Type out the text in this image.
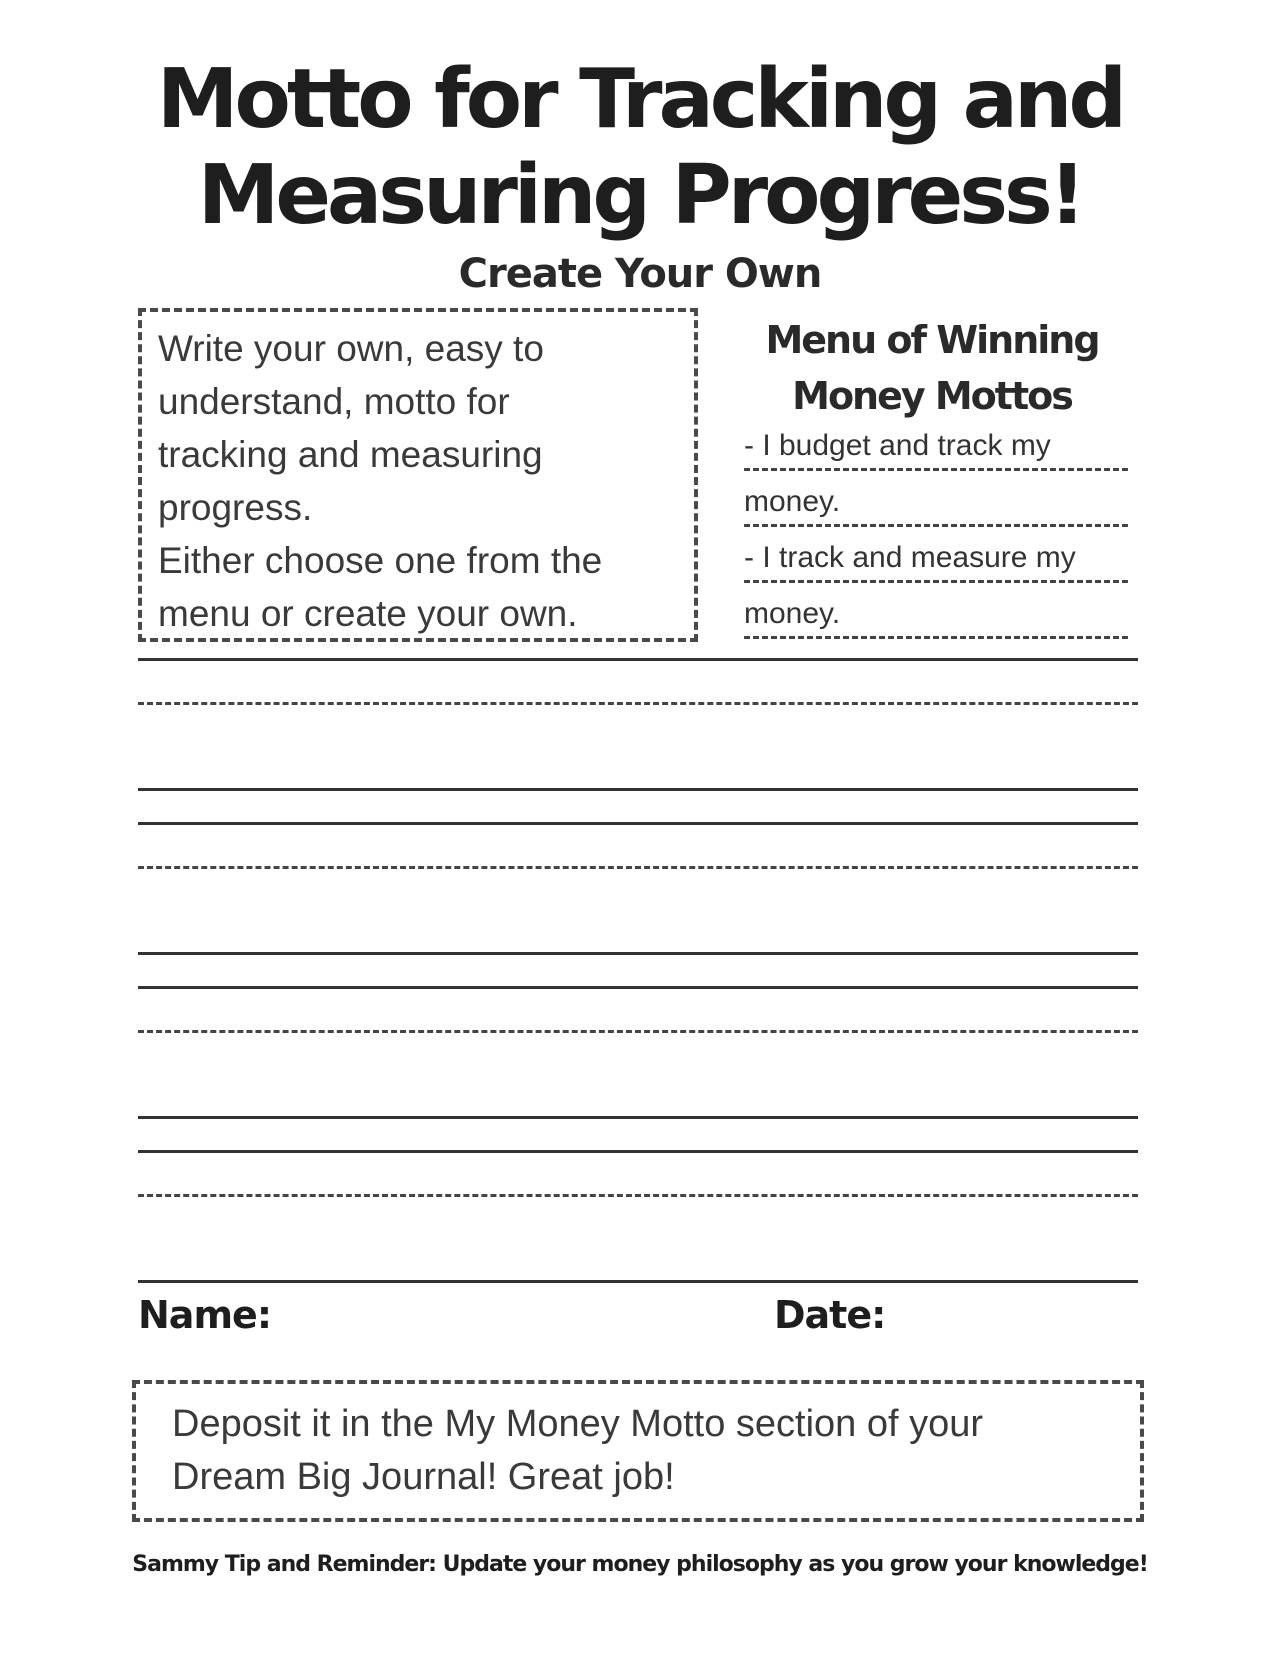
Motto for Tracking and
Measuring Progress!
Create Your Own
Write your own, easy to
understand, motto for
tracking and measuring
progress.
Either choose one from the
menu or create your own.
Menu of Winning
Money Mottos
- I budget and track my
money.
- I track and measure my
money.
Name:	Date:
Deposit it in the My Money Motto section of your
Dream Big Journal! Great job!
Sammy Tip and Reminder: Update your money philosophy as you grow your knowledge!
